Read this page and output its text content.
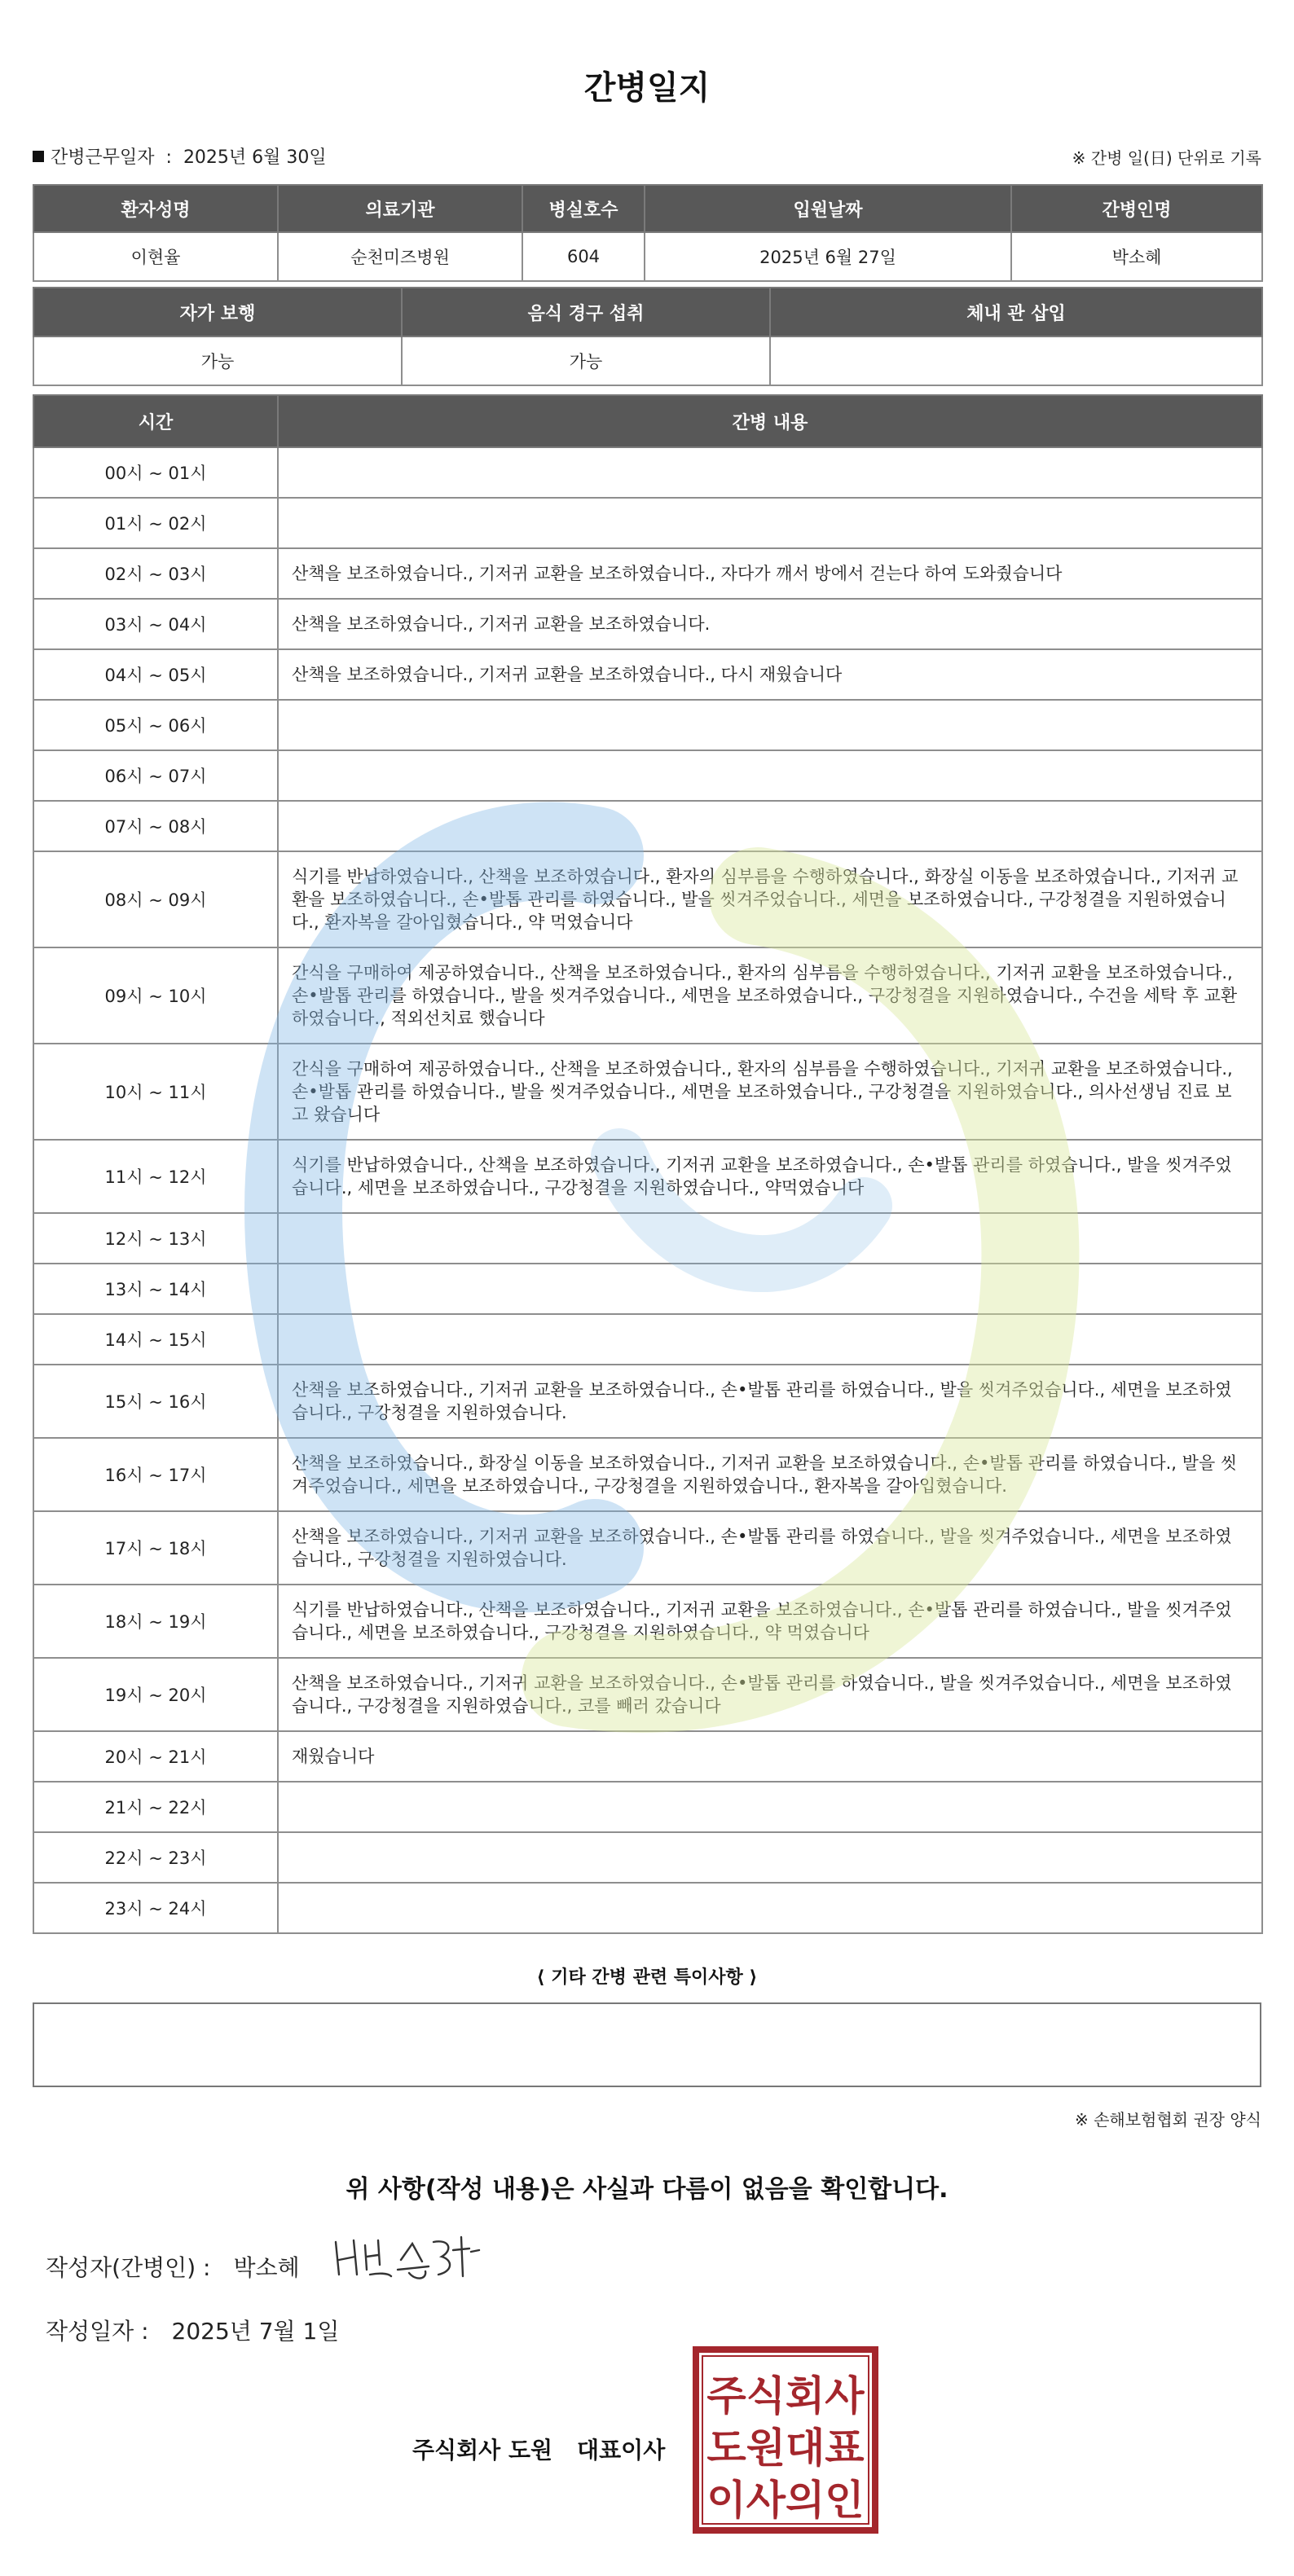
간병일지
간병근무일자 : 2025년 6월 30일	※ 간병 일(日) 단위로 기록
환자성명	의료기관	병실호수	입원날짜	간병인명
이현율	순천미즈병원	604	2025년 6월 27일	박소혜
자가 보행	음식 경구 섭취	체내 관 삽입
가능	가능	
시간	간병 내용
00시 ~ 01시	
01시 ~ 02시	
02시 ~ 03시	산책을 보조하였습니다., 기저귀 교환을 보조하였습니다., 자다가 깨서 방에서 걷는다 하여 도와줬습니다
03시 ~ 04시	산책을 보조하였습니다., 기저귀 교환을 보조하였습니다.
04시 ~ 05시	산책을 보조하였습니다., 기저귀 교환을 보조하였습니다., 다시 재웠습니다
05시 ~ 06시	
06시 ~ 07시	
07시 ~ 08시	
08시 ~ 09시	식기를 반납하였습니다., 산책을 보조하였습니다., 환자의 심부름을 수행하였습니다., 화장실 이동을 보조하였습니다., 기저귀 교환을 보조하였습니다., 손•발톱 관리를 하였습니다., 발을 씻겨주었습니다., 세면을 보조하였습니다., 구강청결을 지원하였습니다., 환자복을 갈아입혔습니다., 약 먹였습니다
09시 ~ 10시	간식을 구매하여 제공하였습니다., 산책을 보조하였습니다., 환자의 심부름을 수행하였습니다., 기저귀 교환을 보조하였습니다., 손•발톱 관리를 하였습니다., 발을 씻겨주었습니다., 세면을 보조하였습니다., 구강청결을 지원하였습니다., 수건을 세탁 후 교환하였습니다., 적외선치료 했습니다
10시 ~ 11시	간식을 구매하여 제공하였습니다., 산책을 보조하였습니다., 환자의 심부름을 수행하였습니다., 기저귀 교환을 보조하였습니다., 손•발톱 관리를 하였습니다., 발을 씻겨주었습니다., 세면을 보조하였습니다., 구강청결을 지원하였습니다., 의사선생님 진료 보고 왔습니다
11시 ~ 12시	식기를 반납하였습니다., 산책을 보조하였습니다., 기저귀 교환을 보조하였습니다., 손•발톱 관리를 하였습니다., 발을 씻겨주었습니다., 세면을 보조하였습니다., 구강청결을 지원하였습니다., 약먹였습니다
12시 ~ 13시	
13시 ~ 14시	
14시 ~ 15시	
15시 ~ 16시	산책을 보조하였습니다., 기저귀 교환을 보조하였습니다., 손•발톱 관리를 하였습니다., 발을 씻겨주었습니다., 세면을 보조하였습니다., 구강청결을 지원하였습니다.
16시 ~ 17시	산책을 보조하였습니다., 화장실 이동을 보조하였습니다., 기저귀 교환을 보조하였습니다., 손•발톱 관리를 하였습니다., 발을 씻겨주었습니다., 세면을 보조하였습니다., 구강청결을 지원하였습니다., 환자복을 갈아입혔습니다.
17시 ~ 18시	산책을 보조하였습니다., 기저귀 교환을 보조하였습니다., 손•발톱 관리를 하였습니다., 발을 씻겨주었습니다., 세면을 보조하였습니다., 구강청결을 지원하였습니다.
18시 ~ 19시	식기를 반납하였습니다., 산책을 보조하였습니다., 기저귀 교환을 보조하였습니다., 손•발톱 관리를 하였습니다., 발을 씻겨주었습니다., 세면을 보조하였습니다., 구강청결을 지원하였습니다., 약 먹였습니다
19시 ~ 20시	산책을 보조하였습니다., 기저귀 교환을 보조하였습니다., 손•발톱 관리를 하였습니다., 발을 씻겨주었습니다., 세면을 보조하였습니다., 구강청결을 지원하였습니다., 코를 빼러 갔습니다
20시 ~ 21시	재웠습니다
21시 ~ 22시	
22시 ~ 23시	
23시 ~ 24시	
⟨ 기타 간병 관련 특이사항 ⟩
※ 손해보험협회 권장 양식
위 사항(작성 내용)은 사실과 다름이 없음을 확인합니다.
작성자(간병인) : 박소혜
작성일자 : 2025년 7월 1일
주식회사 도원 대표이사
주식회사
도원대표
이사의인
